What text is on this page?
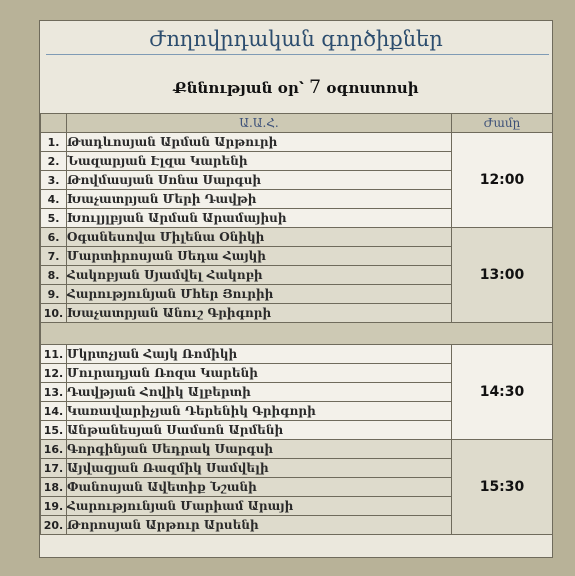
Ժողովրդական գործիքներ
Քննության օր՝ 7 օգոստոսի
	Ա.Ա.Հ.	Ժամը
1.	Թադևոսյան Արման Արթուրի	12:00
2.	Նազարյան Էլզա Կարենի	
3.	Թովմասյան Սոնա Սարգսի	
4.	Խաչատրյան Մերի Դավթի	
5.	Խուլյլբյան Արման Արամայիսի	
6.	Օգանեսովա Միլենա Օնիկի	13:00
7.	Մարտիրոսյան Սեդա Հայկի	
8.	Հակոբյան Սյամվել Հակոբի	
9.	Հարությունյան Մհեր Յուրիի	
10.	Խաչատրյան Անուշ Գրիգորի	

11.	Մկրտչյան Հայկ Ռոմիկի	14:30
12.	Մուրադյան Ռոզա Կարենի	
13.	Դավթյան Հովիկ Ալբերտի	
14.	Կառավարիչյան Դերենիկ Գրիգորի	
15.	Անթանեսյան Սամսոն Արմենի	
16.	Գորգինյան Սեդրակ Սարգսի	15:30
17.	Այվազյան Ռազմիկ Սամվելի	
18.	Փանոսյան Ավետիք Նշանի	
19.	Հարությունյան Մարիամ Արայի	
20.	Թորոսյան Արթուր Արսենի	
